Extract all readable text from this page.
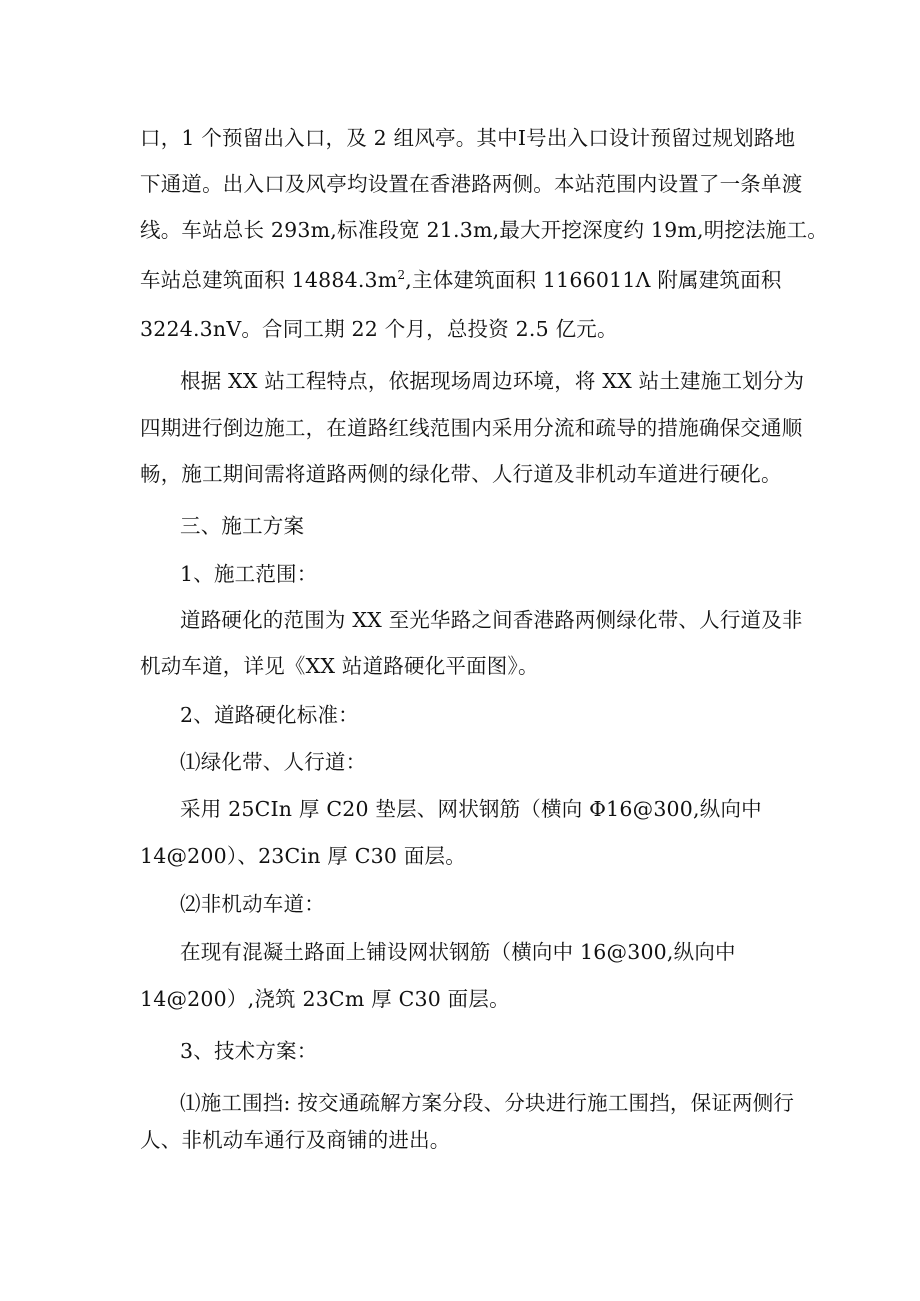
口，1 个预留出入口，及 2 组风亭。其中Ⅰ号出入口设计预留过规划路地
下通道。出入口及风亭均设置在香港路两侧。本站范围内设置了一条单渡
线。车站总长 293m,标准段宽 21.3m,最大开挖深度约 19m,明挖法施工。
车站总建筑面积 $14884.3m^2$,主体建筑面积 1166011Λ 附属建筑面积
3224.3nV。合同工期 22 个月，总投资 2.5 亿元。
根据 XX 站工程特点，依据现场周边环境，将 XX 站土建施工划分为
四期进行倒边施工，在道路红线范围内采用分流和疏导的措施确保交通顺
畅，施工期间需将道路两侧的绿化带、人行道及非机动车道进行硬化。
三、施工方案
1、施工范围：
道路硬化的范围为 XX 至光华路之间香港路两侧绿化带、人行道及非
机动车道，详见《XX 站道路硬化平面图》。
2、道路硬化标准：
⑴绿化带、人行道：
采用 25CIn 厚 C20 垫层、网状钢筋（横向 Φ16@300,纵向中
14@200）、23Cin 厚 C30 面层。
⑵非机动车道：
在现有混凝土路面上铺设网状钢筋（横向中 16@300,纵向中
14@200）,浇筑 23Cm 厚 C30 面层。
3、技术方案：
⑴施工围挡: 按交通疏解方案分段、分块进行施工围挡，保证两侧行
人、非机动车通行及商铺的进出。
